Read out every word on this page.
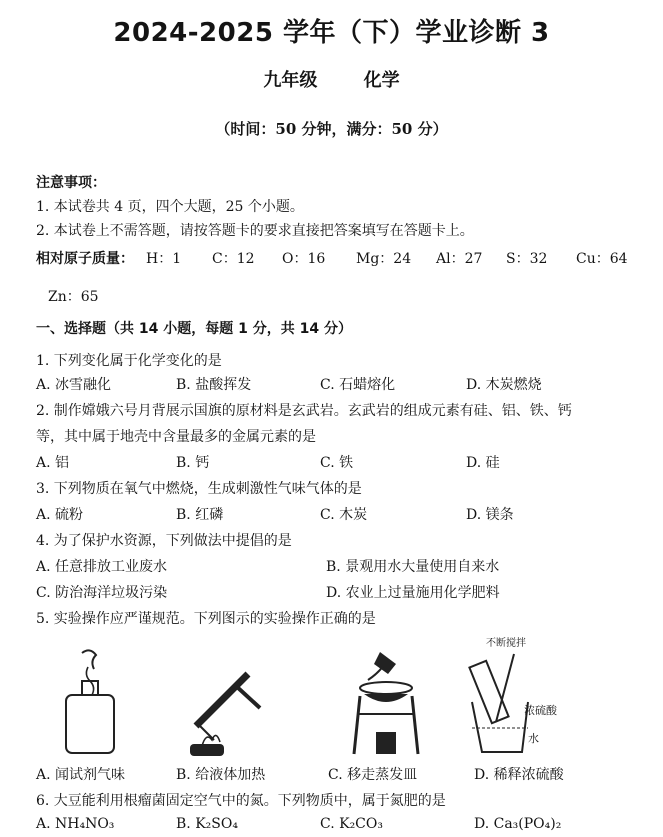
2024-2025 学年（下）学业诊断 3
九年级	化学
（时间：50 分钟，满分：50 分）
注意事项：
1. 本试卷共 4 页，四个大题，25 个小题。
2. 本试卷上不需答题，请按答题卡的要求直接把答案填写在答题卡上。
相对原子质量： H：1 C：12 O：16 Mg：24 Al：27 S：32 Cu：64
Zn：65
一、选择题（共 14 小题，每题 1 分，共 14 分）
1. 下列变化属于化学变化的是
A. 冰雪融化	B. 盐酸挥发	C. 石蜡熔化	D. 木炭燃烧
2. 制作嫦娥六号月背展示国旗的原材料是玄武岩。玄武岩的组成元素有硅、铝、铁、钙
等，其中属于地壳中含量最多的金属元素的是
A. 铝	B. 钙	C. 铁	D. 硅
3. 下列物质在氧气中燃烧，生成刺激性气味气体的是
A. 硫粉	B. 红磷	C. 木炭	D. 镁条
4. 为了保护水资源，下列做法中提倡的是
A. 任意排放工业废水	B. 景观用水大量使用自来水
C. 防治海洋垃圾污染	D. 农业上过量施用化学肥料
5. 实验操作应严谨规范。下列图示的实验操作正确的是
不断搅拌
浓硫酸
水
A. 闻试剂气味	B. 给液体加热	C. 移走蒸发皿	D. 稀释浓硫酸
6. 大豆能利用根瘤菌固定空气中的氮。下列物质中，属于氮肥的是
A. NH₄NO₃	B. K₂SO₄	C. K₂CO₃	D. Ca₃(PO₄)₂
